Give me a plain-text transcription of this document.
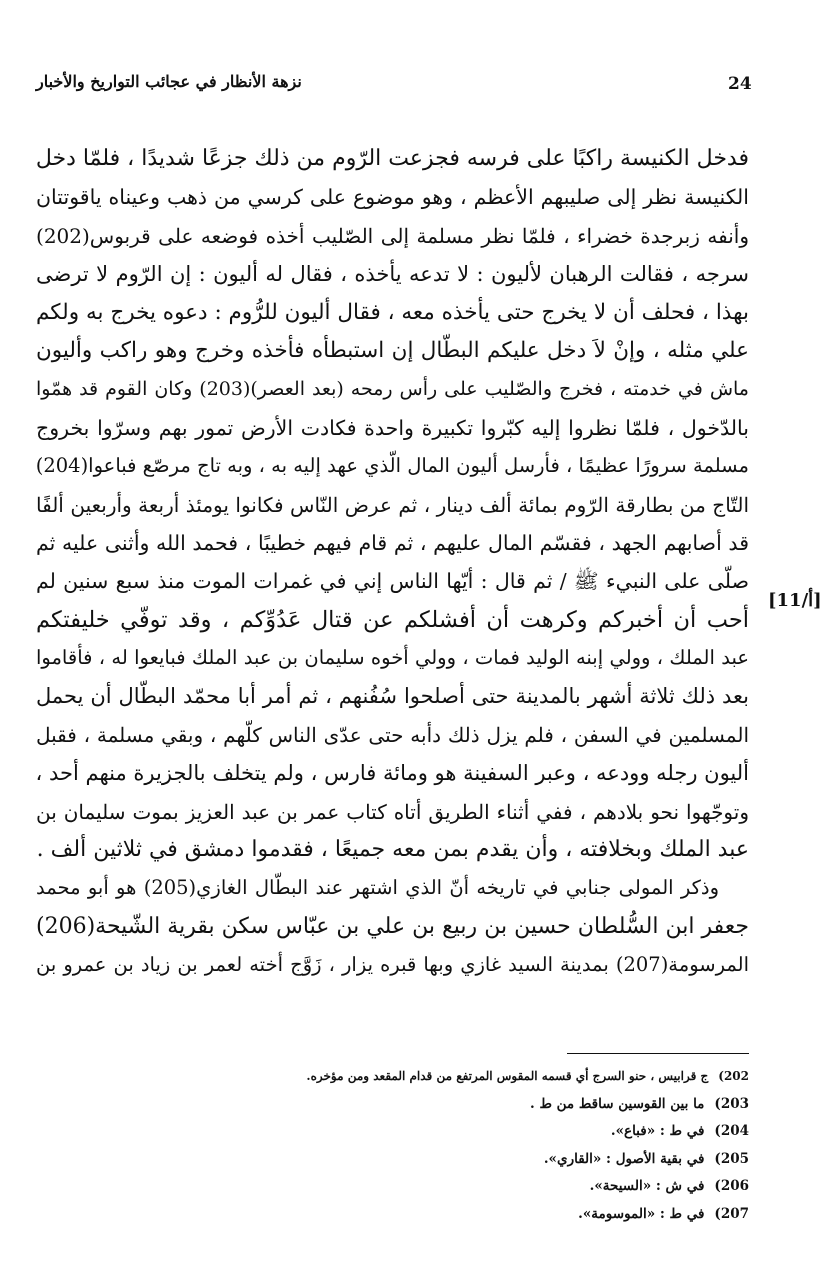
24
نزهة الأنظار في عجائب التواريخ والأخبار
[أ/11]
فدخل الكنيسة راكبًا على فرسه فجزعت الرّوم من ذلك جزعًا شديدًا ، فلمّا دخل
الكنيسة نظر إلى صليبهم الأعظم ، وهو موضوع على كرسي من ذهب وعيناه ياقوتتان
وأنفه زبرجدة خضراء ، فلمّا نظر مسلمة إلى الصّليب أخذه فوضعه على قربوس(202)
سرجه ، فقالت الرهبان لأليون : لا تدعه يأخذه ، فقال له أليون : إن الرّوم لا ترضى
بهذا ، فحلف أن لا يخرج حتى يأخذه معه ، فقال أليون للرُّوم : دعوه يخرج به ولكم
علي مثله ، وإنْ لاَ دخل عليكم البطّال إن استبطأه فأخذه وخرج وهو راكب وأليون
ماش في خدمته ، فخرج والصّليب على رأس رمحه (بعد العصر)(203) وكان القوم قد همّوا
بالدّخول ، فلمّا نظروا إليه كبّروا تكبيرة واحدة فكادت الأرض تمور بهم وسرّوا بخروج
مسلمة سرورًا عظيمًا ، فأرسل أليون المال الّذي عهد إليه به ، وبه تاج مرصّع فباعوا(204)
التّاج من بطارقة الرّوم بمائة ألف دينار ، ثم عرض النّاس فكانوا يومئذ أربعة وأربعين ألفًا
قد أصابهم الجهد ، فقسّم المال عليهم ، ثم قام فيهم خطيبًا ، فحمد الله وأثنى عليه ثم
صلّى على النبيء ﷺ / ثم قال : أيّها الناس إني في غمرات الموت منذ سبع سنين لم
أحب أن أخبركم وكرهت أن أفشلكم عن قتال عَدُوِّكم ، وقد توفّي خليفتكم
عبد الملك ، وولي إبنه الوليد فمات ، وولي أخوه سليمان بن عبد الملك فبايعوا له ، فأقاموا
بعد ذلك ثلاثة أشهر بالمدينة حتى أصلحوا سُفُنهم ، ثم أمر أبا محمّد البطّال أن يحمل
المسلمين في السفن ، فلم يزل ذلك دأبه حتى عدّى الناس كلّهم ، وبقي مسلمة ، فقبل
أليون رجله وودعه ، وعبر السفينة هو ومائة فارس ، ولم يتخلف بالجزيرة منهم أحد ،
وتوجّهوا نحو بلادهم ، ففي أثناء الطريق أتاه كتاب عمر بن عبد العزيز بموت سليمان بن
عبد الملك وبخلافته ، وأن يقدم بمن معه جميعًا ، فقدموا دمشق في ثلاثين ألف .
وذكر المولى جنابي في تاريخه أنّ الذي اشتهر عند البطّال الغازي(205) هو أبو محمد
جعفر ابن السُّلطان حسين بن ربيع بن علي بن عبّاس سكن بقرية الشّيحة(206)
المرسومة(207) بمدينة السيد غازي وبها قبره يزار ، زَوَّج أخته لعمر بن زياد بن عمرو بن
202)ج قرابيس ، حنو السرج أي قسمه المقوس المرتفع من قدام المقعد ومن مؤخره.
203)ما بين القوسين ساقط من ط .
204)في ط : «فباع».
205)في بقية الأصول : «القاري».
206)في ش : «السيحة».
207)في ط : «الموسومة».
